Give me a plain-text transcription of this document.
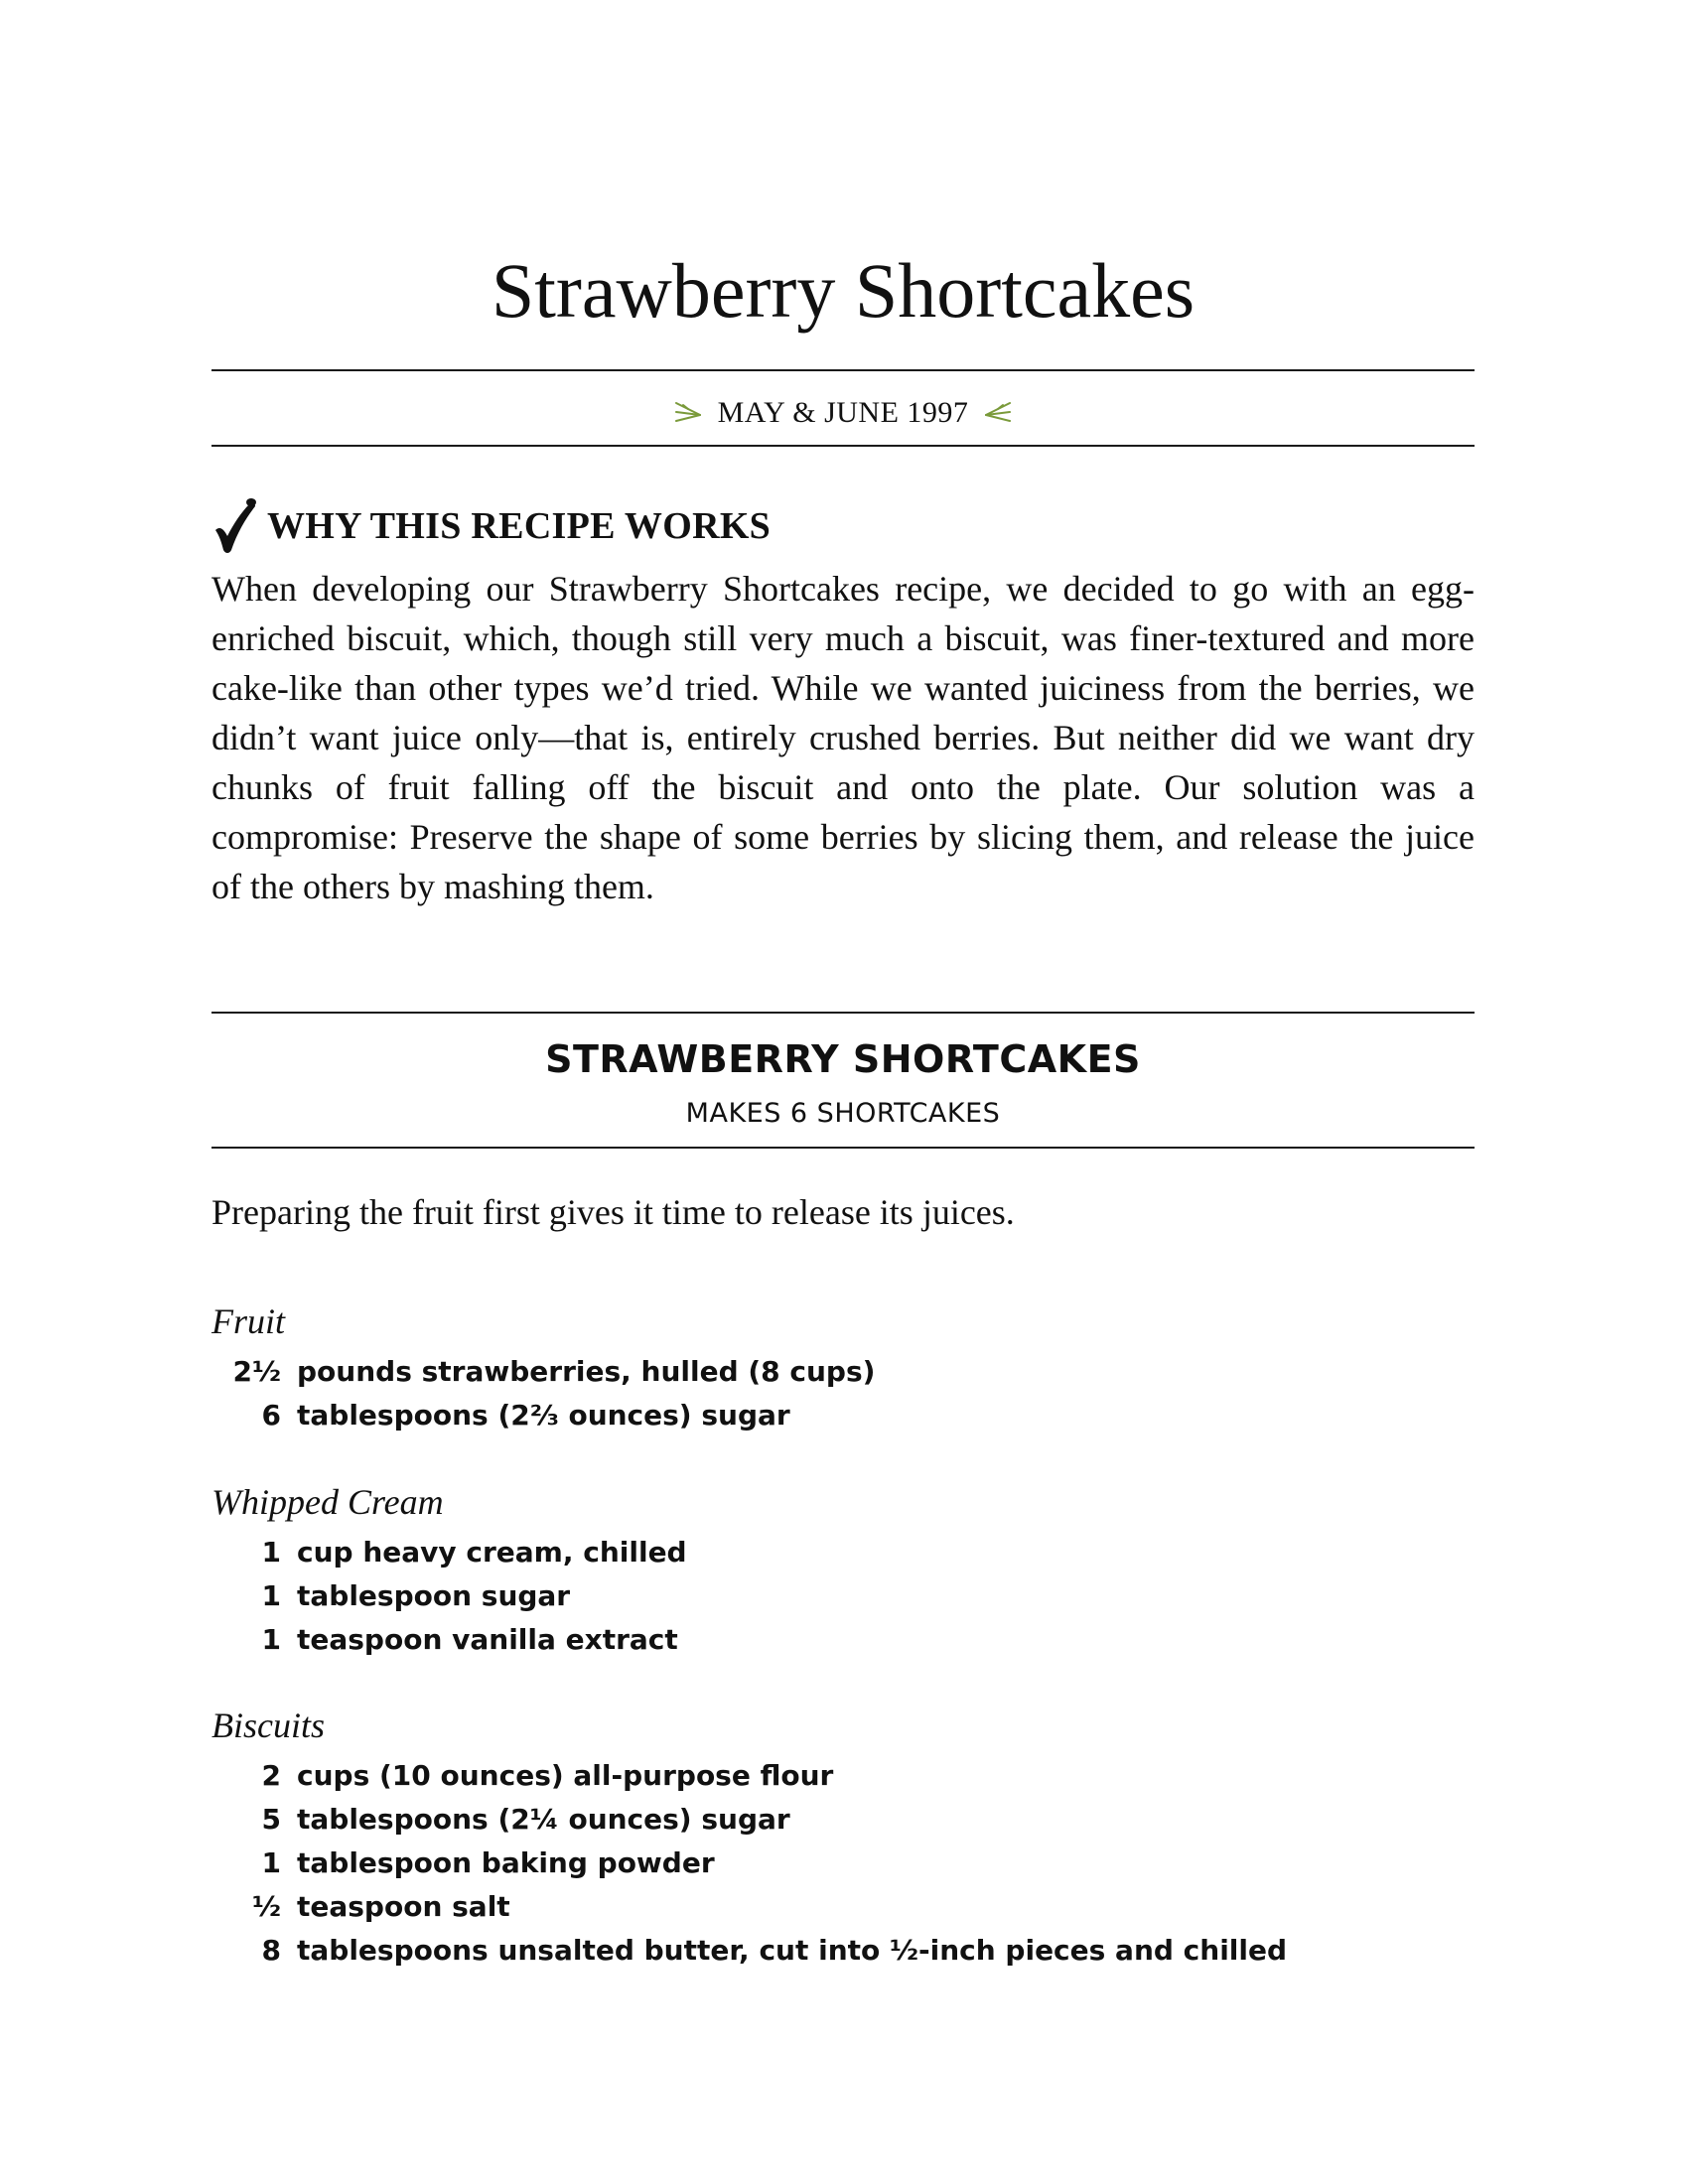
Strawberry Shortcakes
MAY & JUNE 1997
WHY THIS RECIPE WORKS

When developing our Strawberry Shortcakes recipe, we decided to go with an egg-enriched biscuit, which, though still very much a biscuit, was finer-textured and more cake-like than other types we’d tried. While we wanted juiciness from the berries, we didn’t want juice only—that is, entirely crushed berries. But neither did we want dry chunks of fruit falling off the biscuit and onto the plate. Our solution was a compromise: Preserve the shape of some berries by slicing them, and release the juice of the others by mashing them.

STRAWBERRY SHORTCAKES
MAKES 6 SHORTCAKES

Preparing the fruit first gives it time to release its juices.

Fruit
2½ pounds strawberries, hulled (8 cups)
6 tablespoons (2⅔ ounces) sugar
Whipped Cream
1 cup heavy cream, chilled
1 tablespoon sugar
1 teaspoon vanilla extract
Biscuits
2 cups (10 ounces) all-purpose flour
5 tablespoons (2¼ ounces) sugar
1 tablespoon baking powder
½ teaspoon salt
8 tablespoons unsalted butter, cut into ½-inch pieces and chilled
